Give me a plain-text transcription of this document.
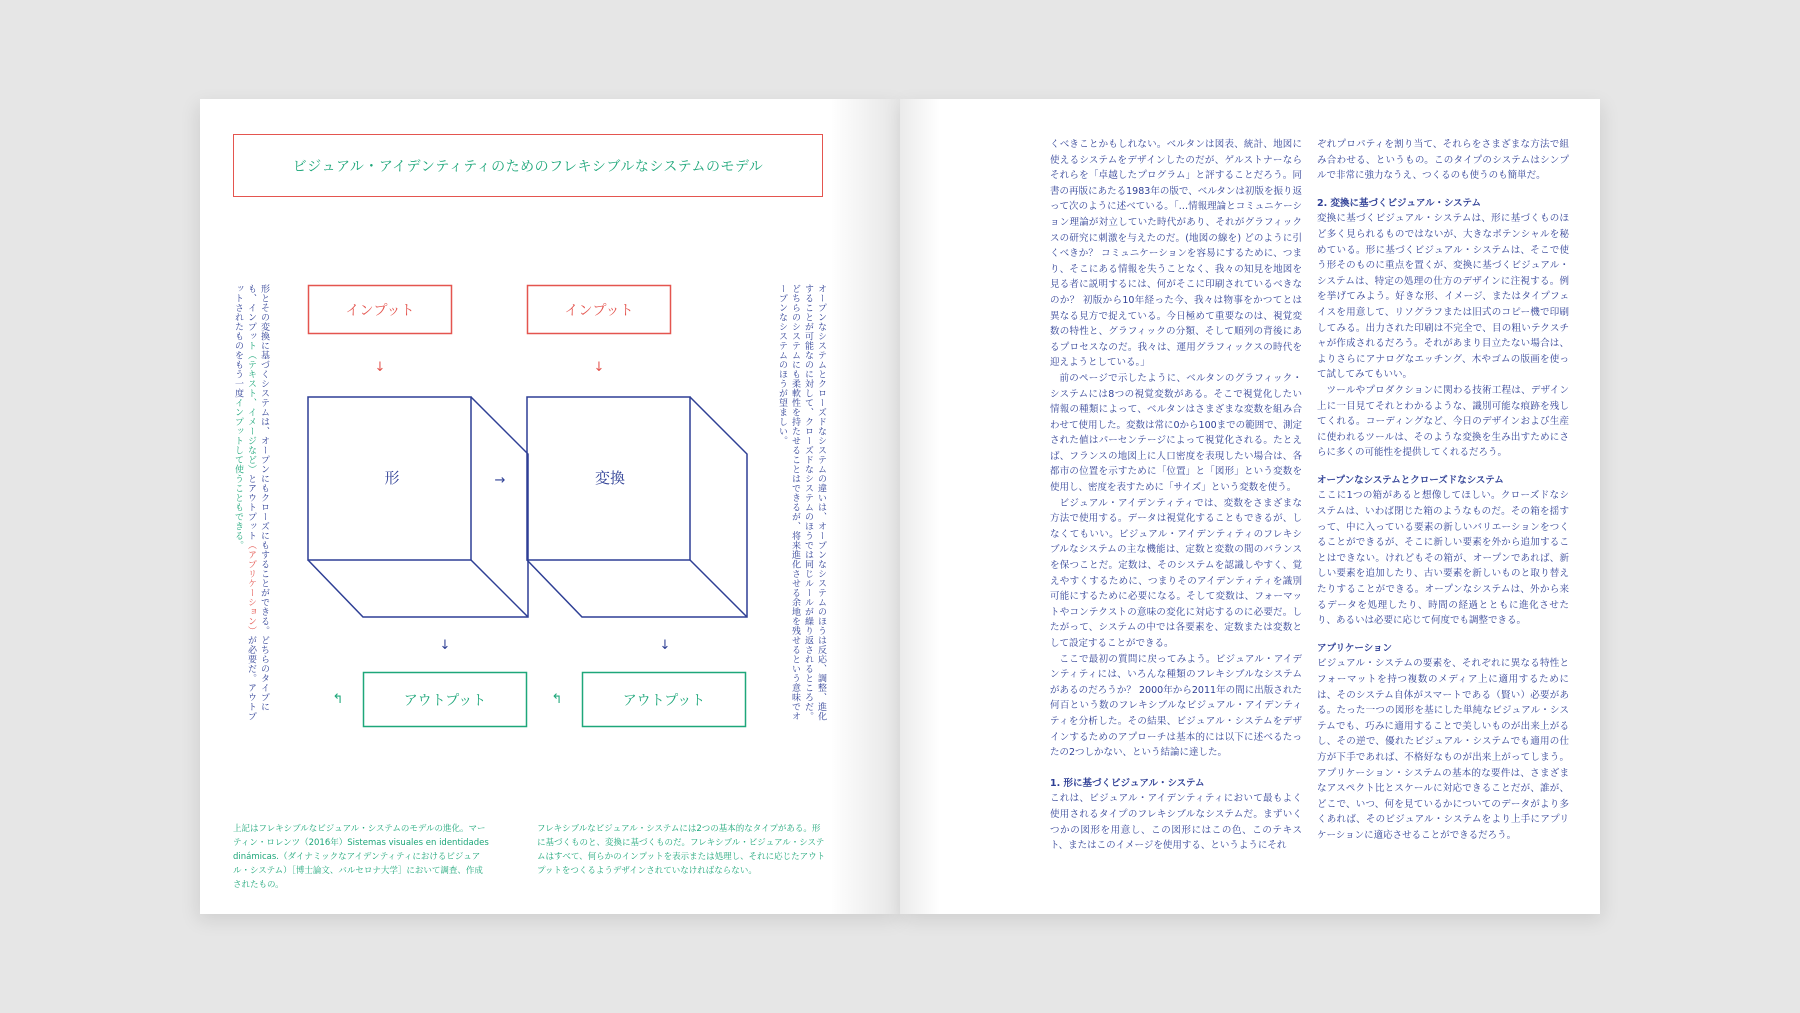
ビジュアル・アイデンティティのためのフレキシブルなシステムのモデル
インプット	インプット
↓	↓
形	→	変換
↓	↓
↰	アウトプット	↰	アウトプット
形とその変換に基づくシステムは、オープンにもクローズにもすることができる。どちらのタイプにも、インプット（テキスト、イメージなど）とアウトプット（アプリケーション）が必要だ。アウトプットされたものをもう一度インプットして使うこともできる。	オープンなシステムとクローズドなシステムの違いは、オープンなシステムのほうは反応、調整、進化することが可能なのに対して、クローズドなシステムのほうでは同じルールが繰り返されるところだ。どちらのシステムにも柔軟性を持たせることはできるが、将来進化させる余地を残せるという意味でオープンなシステムのほうが望ましい。
上記はフレキシブルなビジュアル・システムのモデルの進化。マーティン・ロレンツ（2016年）Sistemas visuales en identidades dinámicas.（ダイナミックなアイデンティティにおけるビジュアル・システム）［博士論文、バルセロナ大学］において調査、作成されたもの。
フレキシブルなビジュアル・システムには2つの基本的なタイプがある。形に基づくものと、変換に基づくものだ。フレキシブル・ビジュアル・システムはすべて、何らかのインプットを表示または処理し、それに応じたアウトプットをつくるようデザインされていなければならない。

くべきことかもしれない。ベルタンは図表、統計、地図に使えるシステムをデザインしたのだが、ゲルストナーならそれらを「卓越したプログラム」と評することだろう。同書の再版にあたる1983年の版で、ベルタンは初版を振り返って次のように述べている。「…情報理論とコミュニケーション理論が対立していた時代があり、それがグラフィックスの研究に刺激を与えたのだ。(地図の線を) どのように引くべきか？ コミュニケーションを容易にするために、つまり、そこにある情報を失うことなく、我々の知見を地図を見る者に説明するには、何がそこに印刷されているべきなのか？ 初版から10年経った今、我々は物事をかつてとは異なる見方で捉えている。今日極めて重要なのは、視覚変数の特性と、グラフィックの分類、そして順列の背後にあるプロセスなのだ。我々は、運用グラフィックスの時代を迎えようとしている。」

前のページで示したように、ベルタンのグラフィック・システムには8つの視覚変数がある。そこで視覚化したい情報の種類によって、ベルタンはさまざまな変数を組み合わせて使用した。変数は常に0から100までの範囲で、測定された値はパーセンテージによって視覚化される。たとえば、フランスの地図上に人口密度を表現したい場合は、各都市の位置を示すために「位置」と「図形」という変数を使用し、密度を表すために「サイズ」という変数を使う。

ビジュアル・アイデンティティでは、変数をさまざまな方法で使用する。データは視覚化することもできるが、しなくてもいい。ビジュアル・アイデンティティのフレキシブルなシステムの主な機能は、定数と変数の間のバランスを保つことだ。定数は、そのシステムを認識しやすく、覚えやすくするために、つまりそのアイデンティティを識別可能にするために必要になる。そして変数は、フォーマットやコンテクストの意味の変化に対応するのに必要だ。したがって、システムの中では各要素を、定数または変数として設定することができる。

ここで最初の質問に戻ってみよう。ビジュアル・アイデンティティには、いろんな種類のフレキシブルなシステムがあるのだろうか？ 2000年から2011年の間に出版された何百という数のフレキシブルなビジュアル・アイデンティティを分析した。その結果、ビジュアル・システムをデザインするためのアプローチは基本的には以下に述べるたったの2つしかない、という結論に達した。

1. 形に基づくビジュアル・システム

これは、ビジュアル・アイデンティティにおいて最もよく使用されるタイプのフレキシブルなシステムだ。まずいくつかの図形を用意し、この図形にはこの色、このテキスト、またはこのイメージを使用する、というようにそれ

ぞれプロパティを割り当て、それらをさまざまな方法で組み合わせる、というもの。このタイプのシステムはシンプルで非常に強力なうえ、つくるのも使うのも簡単だ。

2. 変換に基づくビジュアル・システム

変換に基づくビジュアル・システムは、形に基づくものほど多く見られるものではないが、大きなポテンシャルを秘めている。形に基づくビジュアル・システムは、そこで使う形そのものに重点を置くが、変換に基づくビジュアル・システムは、特定の処理の仕方のデザインに注視する。例を挙げてみよう。好きな形、イメージ、またはタイプフェイスを用意して、リソグラフまたは旧式のコピー機で印刷してみる。出力された印刷は不完全で、目の粗いテクスチャが作成されるだろう。それがあまり目立たない場合は、よりさらにアナログなエッチング、木やゴムの版画を使って試してみてもいい。

ツールやプロダクションに関わる技術工程は、デザイン上に一目見てそれとわかるような、識別可能な痕跡を残してくれる。コーディングなど、今日のデザインおよび生産に使われるツールは、そのような変換を生み出すためにさらに多くの可能性を提供してくれるだろう。

オープンなシステムとクローズドなシステム

ここに1つの箱があると想像してほしい。クローズドなシステムは、いわば閉じた箱のようなものだ。その箱を揺すって、中に入っている要素の新しいバリエーションをつくることができるが、そこに新しい要素を外から追加することはできない。けれどもその箱が、オープンであれば、新しい要素を追加したり、古い要素を新しいものと取り替えたりすることができる。オープンなシステムは、外から来るデータを処理したり、時間の経過とともに進化させたり、あるいは必要に応じて何度でも調整できる。

アプリケーション

ビジュアル・システムの要素を、それぞれに異なる特性とフォーマットを持つ複数のメディア上に適用するためには、そのシステム自体がスマートである（賢い）必要がある。たった一つの図形を基にした単純なビジュアル・システムでも、巧みに適用することで美しいものが出来上がるし、その逆で、優れたビジュアル・システムでも適用の仕方が下手であれば、不格好なものが出来上がってしまう。アプリケーション・システムの基本的な要件は、さまざまなアスペクト比とスケールに対応できることだが、誰が、どこで、いつ、何を見ているかについてのデータがより多くあれば、そのビジュアル・システムをより上手にアプリケーションに適応させることができるだろう。
